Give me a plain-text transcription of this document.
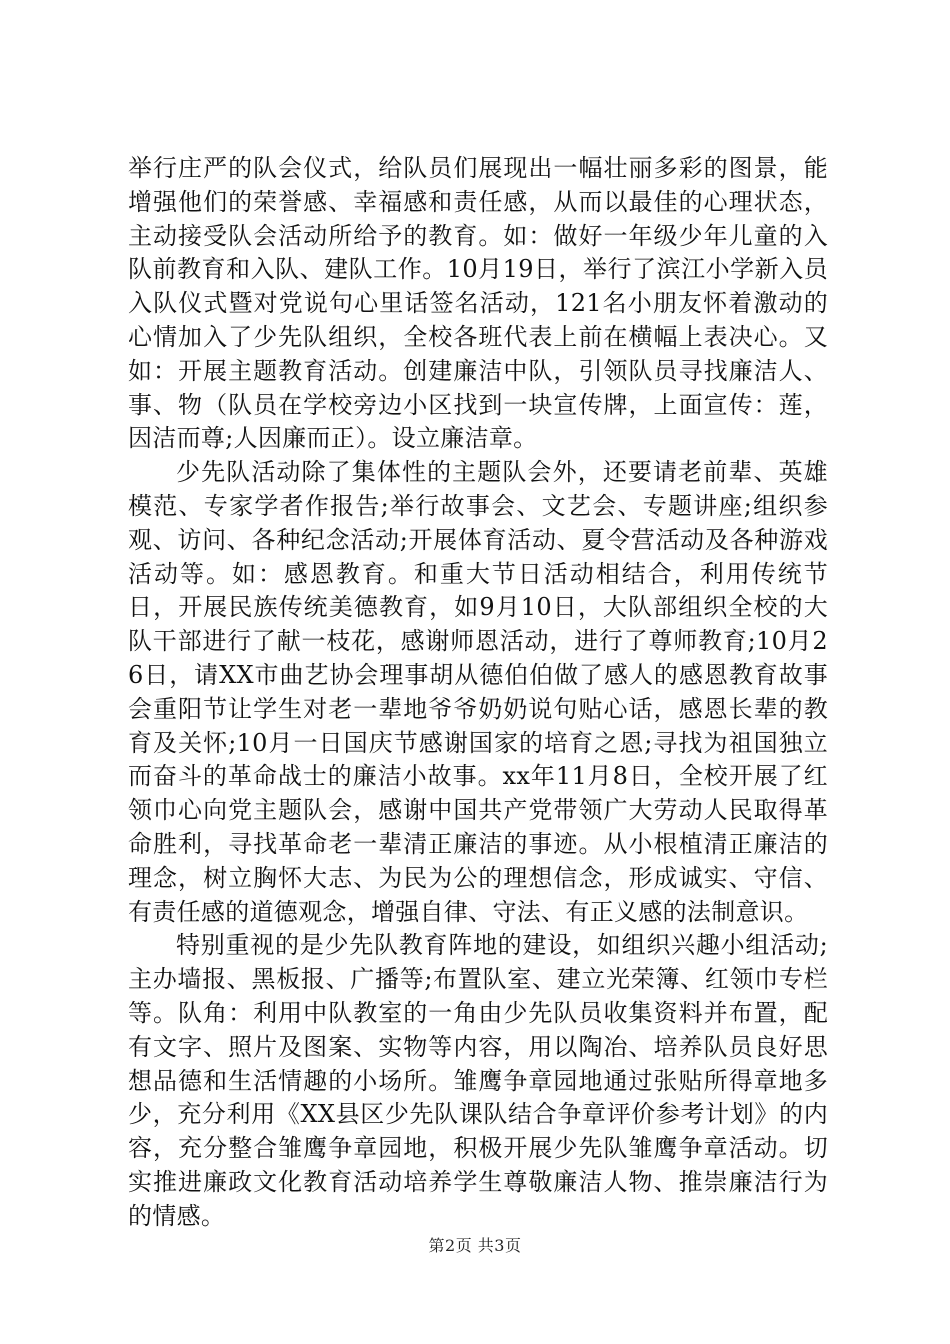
举行庄严的队会仪式，给队员们展现出一幅壮丽多彩的图景，能增强他们的荣誉感、幸福感和责任感，从而以最佳的心理状态，主动接受队会活动所给予的教育。如：做好一年级少年儿童的入队前教育和入队、建队工作。10月19日，举行了滨江小学新入员入队仪式暨对党说句心里话签名活动，121名小朋友怀着激动的心情加入了少先队组织，全校各班代表上前在横幅上表决心。又如：开展主题教育活动。创建廉洁中队，引领队员寻找廉洁人、事、物（队员在学校旁边小区找到一块宣传牌，上面宣传：莲，因洁而尊;人因廉而正）。设立廉洁章。

少先队活动除了集体性的主题队会外，还要请老前辈、英雄模范、专家学者作报告;举行故事会、文艺会、专题讲座;组织参观、访问、各种纪念活动;开展体育活动、夏令营活动及各种游戏活动等。如：感恩教育。和重大节日活动相结合，利用传统节日，开展民族传统美德教育，如9月10日，大队部组织全校的大队干部进行了献一枝花，感谢师恩活动，进行了尊师教育;10月26日，请XX市曲艺协会理事胡从德伯伯做了感人的感恩教育故事会重阳节让学生对老一辈地爷爷奶奶说句贴心话，感恩长辈的教育及关怀;10月一日国庆节感谢国家的培育之恩;寻找为祖国独立而奋斗的革命战士的廉洁小故事。xx年11月8日，全校开展了红领巾心向党主题队会，感谢中国共产党带领广大劳动人民取得革命胜利，寻找革命老一辈清正廉洁的事迹。从小根植清正廉洁的理念，树立胸怀大志、为民为公的理想信念，形成诚实、守信、有责任感的道德观念，增强自律、守法、有正义感的法制意识。

特别重视的是少先队教育阵地的建设，如组织兴趣小组活动;主办墙报、黑板报、广播等;布置队室、建立光荣簿、红领巾专栏等。队角：利用中队教室的一角由少先队员收集资料并布置，配有文字、照片及图案、实物等内容，用以陶冶、培养队员良好思想品德和生活情趣的小场所。雏鹰争章园地通过张贴所得章地多少，充分利用《XX县区少先队课队结合争章评价参考计划》的内容，充分整合雏鹰争章园地，积极开展少先队雏鹰争章活动。切实推进廉政文化教育活动培养学生尊敬廉洁人物、推崇廉洁行为的情感。

第2页 共3页
